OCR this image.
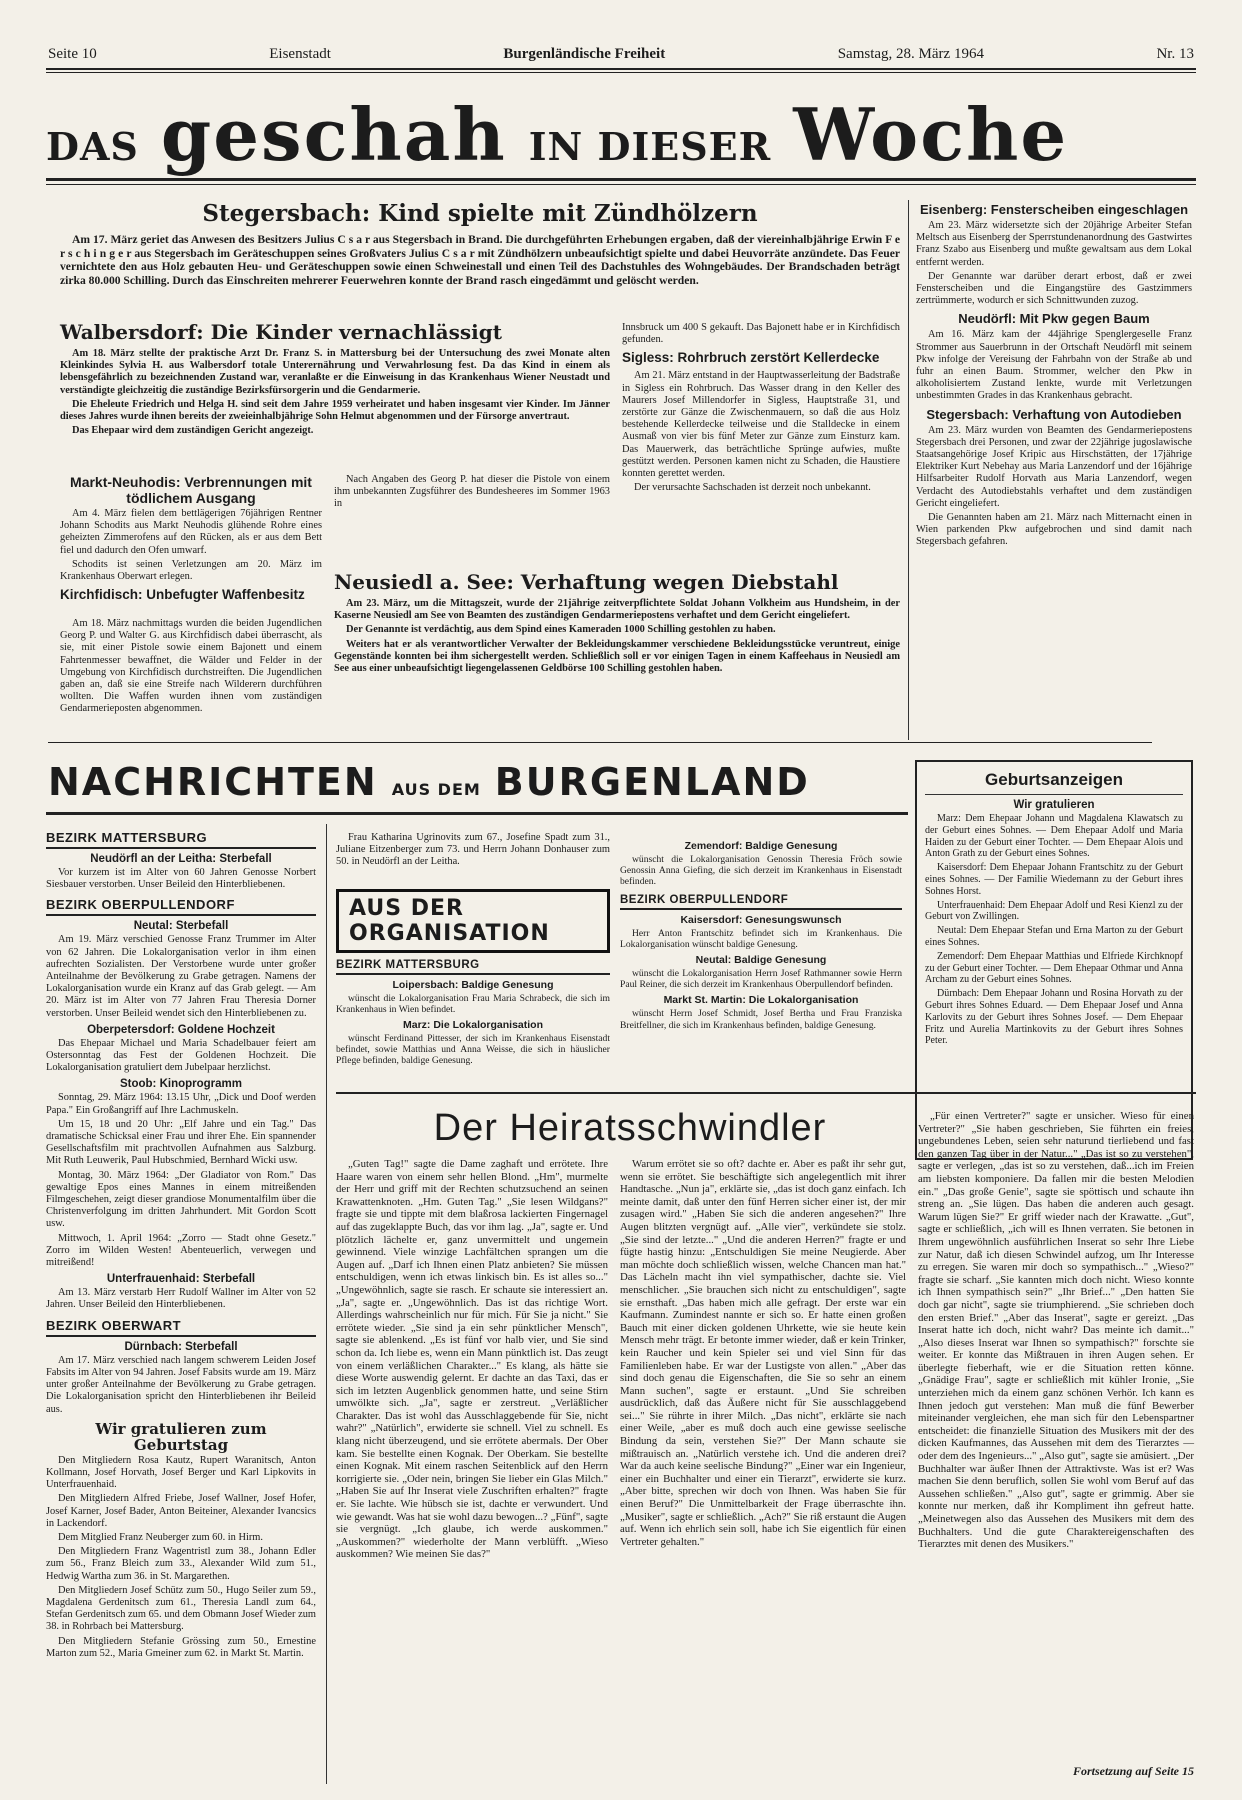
Seite 10	Eisenstadt	Burgenländische Freiheit	Samstag, 28. März 1964	Nr. 13
DAS geschah IN DIESER Woche
Stegersbach: Kind spielte mit Zündhölzern

Am 17. März geriet das Anwesen des Besitzers Julius C s a r aus Stegersbach in Brand. Die durchgeführten Erhebungen ergaben, daß der viereinhalbjährige Erwin F e r s c h i n g e r aus Stegersbach im Geräteschuppen seines Großvaters Julius C s a r mit Zündhölzern unbeaufsichtigt spielte und dabei Heuvorräte anzündete. Das Feuer vernichtete den aus Holz gebauten Heu- und Geräteschuppen sowie einen Schweinestall und einen Teil des Dachstuhles des Wohngebäudes. Der Brandschaden beträgt zirka 80.000 Schilling. Durch das Einschreiten mehrerer Feuerwehren konnte der Brand rasch eingedämmt und gelöscht werden.

Walbersdorf: Die Kinder vernachlässigt

Am 18. März stellte der praktische Arzt Dr. Franz S. in Mattersburg bei der Untersuchung des zwei Monate alten Kleinkindes Sylvia H. aus Walbersdorf totale Unterernährung und Verwahrlosung fest. Da das Kind in einem als lebensgefährlich zu bezeichnenden Zustand war, veranlaßte er die Einweisung in das Krankenhaus Wiener Neustadt und verständigte gleichzeitig die zuständige Bezirksfürsorgerin und die Gendarmerie.

Die Eheleute Friedrich und Helga H. sind seit dem Jahre 1959 verheiratet und haben insgesamt vier Kinder. Im Jänner dieses Jahres wurde ihnen bereits der zweieinhalbjährige Sohn Helmut abgenommen und der Fürsorge anvertraut.

Das Ehepaar wird dem zuständigen Gericht angezeigt.

Innsbruck um 400 S gekauft. Das Bajonett habe er in Kirchfidisch gefunden.

Sigless: Rohrbruch zerstört Kellerdecke

Am 21. März entstand in der Hauptwasserleitung der Badstraße in Sigless ein Rohrbruch. Das Wasser drang in den Keller des Maurers Josef Millendorfer in Sigless, Hauptstraße 31, und zerstörte zur Gänze die Zwischenmauern, so daß die aus Holz bestehende Kellerdecke teilweise und die Stalldecke in einem Ausmaß von vier bis fünf Meter zur Gänze zum Einsturz kam. Das Mauerwerk, das beträchtliche Sprünge aufwies, mußte gestützt werden. Personen kamen nicht zu Schaden, die Haustiere konnten gerettet werden.

Der verursachte Sachschaden ist derzeit noch unbekannt.

Markt-Neuhodis: Verbrennungen mit tödlichem Ausgang

Am 4. März fielen dem bettlägerigen 76jährigen Rentner Johann Schodits aus Markt Neuhodis glühende Rohre eines geheizten Zimmerofens auf den Rücken, als er aus dem Bett fiel und dadurch den Ofen umwarf.

Schodits ist seinen Verletzungen am 20. März im Krankenhaus Oberwart erlegen.

Kirchfidisch: Unbefugter Waffenbesitz

Am 18. März nachmittags wurden die beiden Jugendlichen Georg P. und Walter G. aus Kirchfidisch dabei überrascht, als sie, mit einer Pistole sowie einem Bajonett und einem Fahrtenmesser bewaffnet, die Wälder und Felder in der Umgebung von Kirchfidisch durchstreiften. Die Jugendlichen gaben an, daß sie eine Streife nach Wilderern durchführen wollten. Die Waffen wurden ihnen vom zuständigen Gendarmerieposten abgenommen.

Nach Angaben des Georg P. hat dieser die Pistole von einem ihm unbekannten Zugsführer des Bundesheeres im Sommer 1963 in

Neusiedl a. See: Verhaftung wegen Diebstahl

Am 23. März, um die Mittagszeit, wurde der 21jährige zeitverpflichtete Soldat Johann Volkheim aus Hundsheim, in der Kaserne Neusiedl am See von Beamten des zuständigen Gendarmeriepostens verhaftet und dem Gericht eingeliefert.

Der Genannte ist verdächtig, aus dem Spind eines Kameraden 1000 Schilling gestohlen zu haben.

Weiters hat er als verantwortlicher Verwalter der Bekleidungskammer verschiedene Bekleidungsstücke veruntreut, einige Gegenstände konnten bei ihm sichergestellt werden. Schließlich soll er vor einigen Tagen in einem Kaffeehaus in Neusiedl am See aus einer unbeaufsichtigt liegengelassenen Geldbörse 100 Schilling gestohlen haben.

Eisenberg: Fensterscheiben eingeschlagen

Am 23. März widersetzte sich der 20jährige Arbeiter Stefan Meltsch aus Eisenberg der Sperrstundenanordnung des Gastwirtes Franz Szabo aus Eisenberg und mußte gewaltsam aus dem Lokal entfernt werden.

Der Genannte war darüber derart erbost, daß er zwei Fensterscheiben und die Eingangstüre des Gastzimmers zertrümmerte, wodurch er sich Schnittwunden zuzog.

Neudörfl: Mit Pkw gegen Baum

Am 16. März kam der 44jährige Spenglergeselle Franz Strommer aus Sauerbrunn in der Ortschaft Neudörfl mit seinem Pkw infolge der Vereisung der Fahrbahn von der Straße ab und fuhr an einen Baum. Strommer, welcher den Pkw in alkoholisiertem Zustand lenkte, wurde mit Verletzungen unbestimmten Grades in das Krankenhaus gebracht.

Stegersbach: Verhaftung von Autodieben

Am 23. März wurden von Beamten des Gendarmeriepostens Stegersbach drei Personen, und zwar der 22jährige jugoslawische Staatsangehörige Josef Kripic aus Hirschstätten, der 17jährige Elektriker Kurt Nebehay aus Maria Lanzendorf und der 16jährige Hilfsarbeiter Rudolf Horvath aus Maria Lanzendorf, wegen Verdacht des Autodiebstahls verhaftet und dem zuständigen Gericht eingeliefert.

Die Genannten haben am 21. März nach Mitternacht einen in Wien parkenden Pkw aufgebrochen und sind damit nach Stegersbach gefahren.

NACHRICHTEN AUS DEM BURGENLAND
BEZIRK MATTERSBURG
Neudörfl an der Leitha: Sterbefall

Vor kurzem ist im Alter von 60 Jahren Genosse Norbert Siesbauer verstorben. Unser Beileid den Hinterbliebenen.

BEZIRK OBERPULLENDORF
Neutal: Sterbefall

Am 19. März verschied Genosse Franz Trummer im Alter von 62 Jahren. Die Lokalorganisation verlor in ihm einen aufrechten Sozialisten. Der Verstorbene wurde unter großer Anteilnahme der Bevölkerung zu Grabe getragen. Namens der Lokalorganisation wurde ein Kranz auf das Grab gelegt. — Am 20. März ist im Alter von 77 Jahren Frau Theresia Dorner verstorben. Unser Beileid wendet sich den Hinterbliebenen zu.

Oberpetersdorf: Goldene Hochzeit

Das Ehepaar Michael und Maria Schadelbauer feiert am Ostersonntag das Fest der Goldenen Hochzeit. Die Lokalorganisation gratuliert dem Jubelpaar herzlichst.

Stoob: Kinoprogramm

Sonntag, 29. März 1964: 13.15 Uhr, „Dick und Doof werden Papa." Ein Großangriff auf Ihre Lachmuskeln.

Um 15, 18 und 20 Uhr: „Elf Jahre und ein Tag." Das dramatische Schicksal einer Frau und ihrer Ehe. Ein spannender Gesellschaftsfilm mit prachtvollen Aufnahmen aus Salzburg. Mit Ruth Leuwerik, Paul Hubschmied, Bernhard Wicki usw.

Montag, 30. März 1964: „Der Gladiator von Rom." Das gewaltige Epos eines Mannes in einem mitreißenden Filmgeschehen, zeigt dieser grandiose Monumentalfilm über die Christenverfolgung im dritten Jahrhundert. Mit Gordon Scott usw.

Mittwoch, 1. April 1964: „Zorro — Stadt ohne Gesetz." Zorro im Wilden Westen! Abenteuerlich, verwegen und mitreißend!

Unterfrauenhaid: Sterbefall

Am 13. März verstarb Herr Rudolf Wallner im Alter von 52 Jahren. Unser Beileid den Hinterbliebenen.

BEZIRK OBERWART
Dürnbach: Sterbefall

Am 17. März verschied nach langem schwerem Leiden Josef Fabsits im Alter von 94 Jahren. Josef Fabsits wurde am 19. März unter großer Anteilnahme der Bevölkerung zu Grabe getragen. Die Lokalorganisation spricht den Hinterbliebenen ihr Beileid aus.

Wir gratulieren zum Geburtstag

Den Mitgliedern Rosa Kautz, Rupert Waranitsch, Anton Kollmann, Josef Horvath, Josef Berger und Karl Lipkovits in Unterfrauenhaid.

Den Mitgliedern Alfred Friebe, Josef Wallner, Josef Hofer, Josef Karner, Josef Bader, Anton Beiteiner, Alexander Ivancsics in Lackendorf.

Dem Mitglied Franz Neuberger zum 60. in Hirm.

Den Mitgliedern Franz Wagentristl zum 38., Johann Edler zum 56., Franz Bleich zum 33., Alexander Wild zum 51., Hedwig Wartha zum 36. in St. Margarethen.

Den Mitgliedern Josef Schütz zum 50., Hugo Seiler zum 59., Magdalena Gerdenitsch zum 61., Theresia Landl zum 64., Stefan Gerdenitsch zum 65. und dem Obmann Josef Wieder zum 38. in Rohrbach bei Mattersburg.

Den Mitgliedern Stefanie Grössing zum 50., Ernestine Marton zum 52., Maria Gmeiner zum 62. in Markt St. Martin.

Frau Katharina Ugrinovits zum 67., Josefine Spadt zum 31., Juliane Eitzenberger zum 73. und Herrn Johann Donhauser zum 50. in Neudörfl an der Leitha.

AUS DER ORGANISATION
BEZIRK MATTERSBURG
Loipersbach: Baldige Genesung

wünscht die Lokalorganisation Frau Maria Schrabeck, die sich im Krankenhaus in Wien befindet.

Marz: Die Lokalorganisation

wünscht Ferdinand Pittesser, der sich im Krankenhaus Eisenstadt befindet, sowie Matthias und Anna Weisse, die sich in häuslicher Pflege befinden, baldige Genesung.

Zemendorf: Baldige Genesung

wünscht die Lokalorganisation Genossin Theresia Fröch sowie Genossin Anna Giefing, die sich derzeit im Krankenhaus in Eisenstadt befinden.

BEZIRK OBERPULLENDORF
Kaisersdorf: Genesungswunsch

Herr Anton Frantschitz befindet sich im Krankenhaus. Die Lokalorganisation wünscht baldige Genesung.

Neutal: Baldige Genesung

wünscht die Lokalorganisation Herrn Josef Rathmanner sowie Herrn Paul Reiner, die sich derzeit im Krankenhaus Oberpullendorf befinden.

Markt St. Martin: Die Lokalorganisation

wünscht Herrn Josef Schmidt, Josef Bertha und Frau Franziska Breitfellner, die sich im Krankenhaus befinden, baldige Genesung.

Geburtsanzeigen
Wir gratulieren

Marz: Dem Ehepaar Johann und Magdalena Klawatsch zu der Geburt eines Sohnes. — Dem Ehepaar Adolf und Maria Haiden zu der Geburt einer Tochter. — Dem Ehepaar Alois und Anton Grath zu der Geburt eines Sohnes.

Kaisersdorf: Dem Ehepaar Johann Frantschitz zu der Geburt eines Sohnes. — Der Familie Wiedemann zu der Geburt ihres Sohnes Horst.

Unterfrauenhaid: Dem Ehepaar Adolf und Resi Kienzl zu der Geburt von Zwillingen.

Neutal: Dem Ehepaar Stefan und Erna Marton zu der Geburt eines Sohnes.

Zemendorf: Dem Ehepaar Matthias und Elfriede Kirchknopf zu der Geburt einer Tochter. — Dem Ehepaar Othmar und Anna Archam zu der Geburt eines Sohnes.

Dürnbach: Dem Ehepaar Johann und Rosina Horvath zu der Geburt ihres Sohnes Eduard. — Dem Ehepaar Josef und Anna Karlovits zu der Geburt ihres Sohnes Josef. — Dem Ehepaar Fritz und Aurelia Martinkovits zu der Geburt ihres Sohnes Peter.

Der Heiratsschwindler

„Guten Tag!" sagte die Dame zaghaft und errötete. Ihre Haare waren von einem sehr hellen Blond. „Hm", murmelte der Herr und griff mit der Rechten schutzsuchend an seinen Krawattenknoten. „Hm. Guten Tag." „Sie lesen Wildgans?" fragte sie und tippte mit dem blaßrosa lackierten Fingernagel auf das zugeklappte Buch, das vor ihm lag. „Ja", sagte er. Und plötzlich lächelte er, ganz unvermittelt und ungemein gewinnend. Viele winzige Lachfältchen sprangen um die Augen auf. „Darf ich Ihnen einen Platz anbieten? Sie müssen entschuldigen, wenn ich etwas linkisch bin. Es ist alles so..." „Ungewöhnlich, sagte sie rasch. Er schaute sie interessiert an. „Ja", sagte er. „Ungewöhnlich. Das ist das richtige Wort. Allerdings wahrscheinlich nur für mich. Für Sie ja nicht." Sie errötete wieder. „Sie sind ja ein sehr pünktlicher Mensch", sagte sie ablenkend. „Es ist fünf vor halb vier, und Sie sind schon da. Ich liebe es, wenn ein Mann pünktlich ist. Das zeugt von einem verläßlichen Charakter..." Es klang, als hätte sie diese Worte auswendig gelernt. Er dachte an das Taxi, das er sich im letzten Augenblick genommen hatte, und seine Stirn umwölkte sich. „Ja", sagte er zerstreut. „Verläßlicher Charakter. Das ist wohl das Ausschlaggebende für Sie, nicht wahr?" „Natürlich", erwiderte sie schnell. Viel zu schnell. Es klang nicht überzeugend, und sie errötete abermals. Der Ober kam. Sie bestellte einen Kognak. Der Oberkam. Sie bestellte einen Kognak. Mit einem raschen Seitenblick auf den Herrn korrigierte sie. „Oder nein, bringen Sie lieber ein Glas Milch." „Haben Sie auf Ihr Inserat viele Zuschriften erhalten?" fragte er. Sie lachte. Wie hübsch sie ist, dachte er verwundert. Und wie gewandt. Was hat sie wohl dazu bewogen...? „Fünf", sagte sie vergnügt. „Ich glaube, ich werde auskommen." „Auskommen?" wiederholte der Mann verblüfft. „Wieso auskommen? Wie meinen Sie das?"

Warum errötet sie so oft? dachte er. Aber es paßt ihr sehr gut, wenn sie errötet. Sie beschäftigte sich angelegentlich mit ihrer Handtasche. „Nun ja", erklärte sie, „das ist doch ganz einfach. Ich meinte damit, daß unter den fünf Herren sicher einer ist, der mir zusagen wird." „Haben Sie sich die anderen angesehen?" Ihre Augen blitzten vergnügt auf. „Alle vier", verkündete sie stolz. „Sie sind der letzte..." „Und die anderen Herren?" fragte er und fügte hastig hinzu: „Entschuldigen Sie meine Neugierde. Aber man möchte doch schließlich wissen, welche Chancen man hat." Das Lächeln macht ihn viel sympathischer, dachte sie. Viel menschlicher. „Sie brauchen sich nicht zu entschuldigen", sagte sie ernsthaft. „Das haben mich alle gefragt. Der erste war ein Kaufmann. Zumindest nannte er sich so. Er hatte einen großen Bauch mit einer dicken goldenen Uhrkette, wie sie heute kein Mensch mehr trägt. Er betonte immer wieder, daß er kein Trinker, kein Raucher und kein Spieler sei und viel Sinn für das Familienleben habe. Er war der Lustigste von allen." „Aber das sind doch genau die Eigenschaften, die Sie so sehr an einem Mann suchen", sagte er erstaunt. „Und Sie schreiben ausdrücklich, daß das Äußere nicht für Sie ausschlaggebend sei..." Sie rührte in ihrer Milch. „Das nicht", erklärte sie nach einer Weile, „aber es muß doch auch eine gewisse seelische Bindung da sein, verstehen Sie?" Der Mann schaute sie mißtrauisch an. „Natürlich verstehe ich. Und die anderen drei? War da auch keine seelische Bindung?" „Einer war ein Ingenieur, einer ein Buchhalter und einer ein Tierarzt", erwiderte sie kurz. „Aber bitte, sprechen wir doch von Ihnen. Was haben Sie für einen Beruf?" Die Unmittelbarkeit der Frage überraschte ihn. „Musiker", sagte er schließlich. „Ach?" Sie riß erstaunt die Augen auf. Wenn ich ehrlich sein soll, habe ich Sie eigentlich für einen Vertreter gehalten."

„Für einen Vertreter?" sagte er unsicher. Wieso für einen Vertreter?" „Sie haben geschrieben, Sie führten ein freies, ungebundenes Leben, seien sehr naturund tierliebend und fast den ganzen Tag über in der Natur..." „Das ist so zu verstehen", sagte er verlegen, „das ist so zu verstehen, daß...ich im Freien am liebsten komponiere. Da fallen mir die besten Melodien ein." „Das große Genie", sagte sie spöttisch und schaute ihn streng an. „Sie lügen. Das haben die anderen auch gesagt. Warum lügen Sie?" Er griff wieder nach der Krawatte. „Gut", sagte er schließlich, „ich will es Ihnen verraten. Sie betonen in Ihrem ungewöhnlich ausführlichen Inserat so sehr Ihre Liebe zur Natur, daß ich diesen Schwindel aufzog, um Ihr Interesse zu erregen. Sie waren mir doch so sympathisch..." „Wieso?" fragte sie scharf. „Sie kannten mich doch nicht. Wieso konnte ich Ihnen sympathisch sein?" „Ihr Brief..." „Den hatten Sie doch gar nicht", sagte sie triumphierend. „Sie schrieben doch den ersten Brief." „Aber das Inserat", sagte er gereizt. „Das Inserat hatte ich doch, nicht wahr? Das meinte ich damit..." „Also dieses Inserat war Ihnen so sympathisch?" forschte sie weiter. Er konnte das Mißtrauen in ihren Augen sehen. Er überlegte fieberhaft, wie er die Situation retten könne. „Gnädige Frau", sagte er schließlich mit kühler Ironie, „Sie unterziehen mich da einem ganz schönen Verhör. Ich kann es Ihnen jedoch gut verstehen: Man muß die fünf Bewerber miteinander vergleichen, ehe man sich für den Lebenspartner entscheidet: die finanzielle Situation des Musikers mit der des dicken Kaufmannes, das Aussehen mit dem des Tierarztes — oder dem des Ingenieurs..." „Also gut", sagte sie amüsiert. „Der Buchhalter war äußer Ihnen der Attraktivste. Was ist er? Was machen Sie denn beruflich, sollen Sie wohl vom Beruf auf das Aussehen schließen." „Also gut", sagte er grimmig. Aber sie konnte nur merken, daß ihr Kompliment ihn gefreut hatte. „Meinetwegen also das Aussehen des Musikers mit dem des Buchhalters. Und die gute Charaktereigenschaften des Tierarztes mit denen des Musikers."

Fortsetzung auf Seite 15
